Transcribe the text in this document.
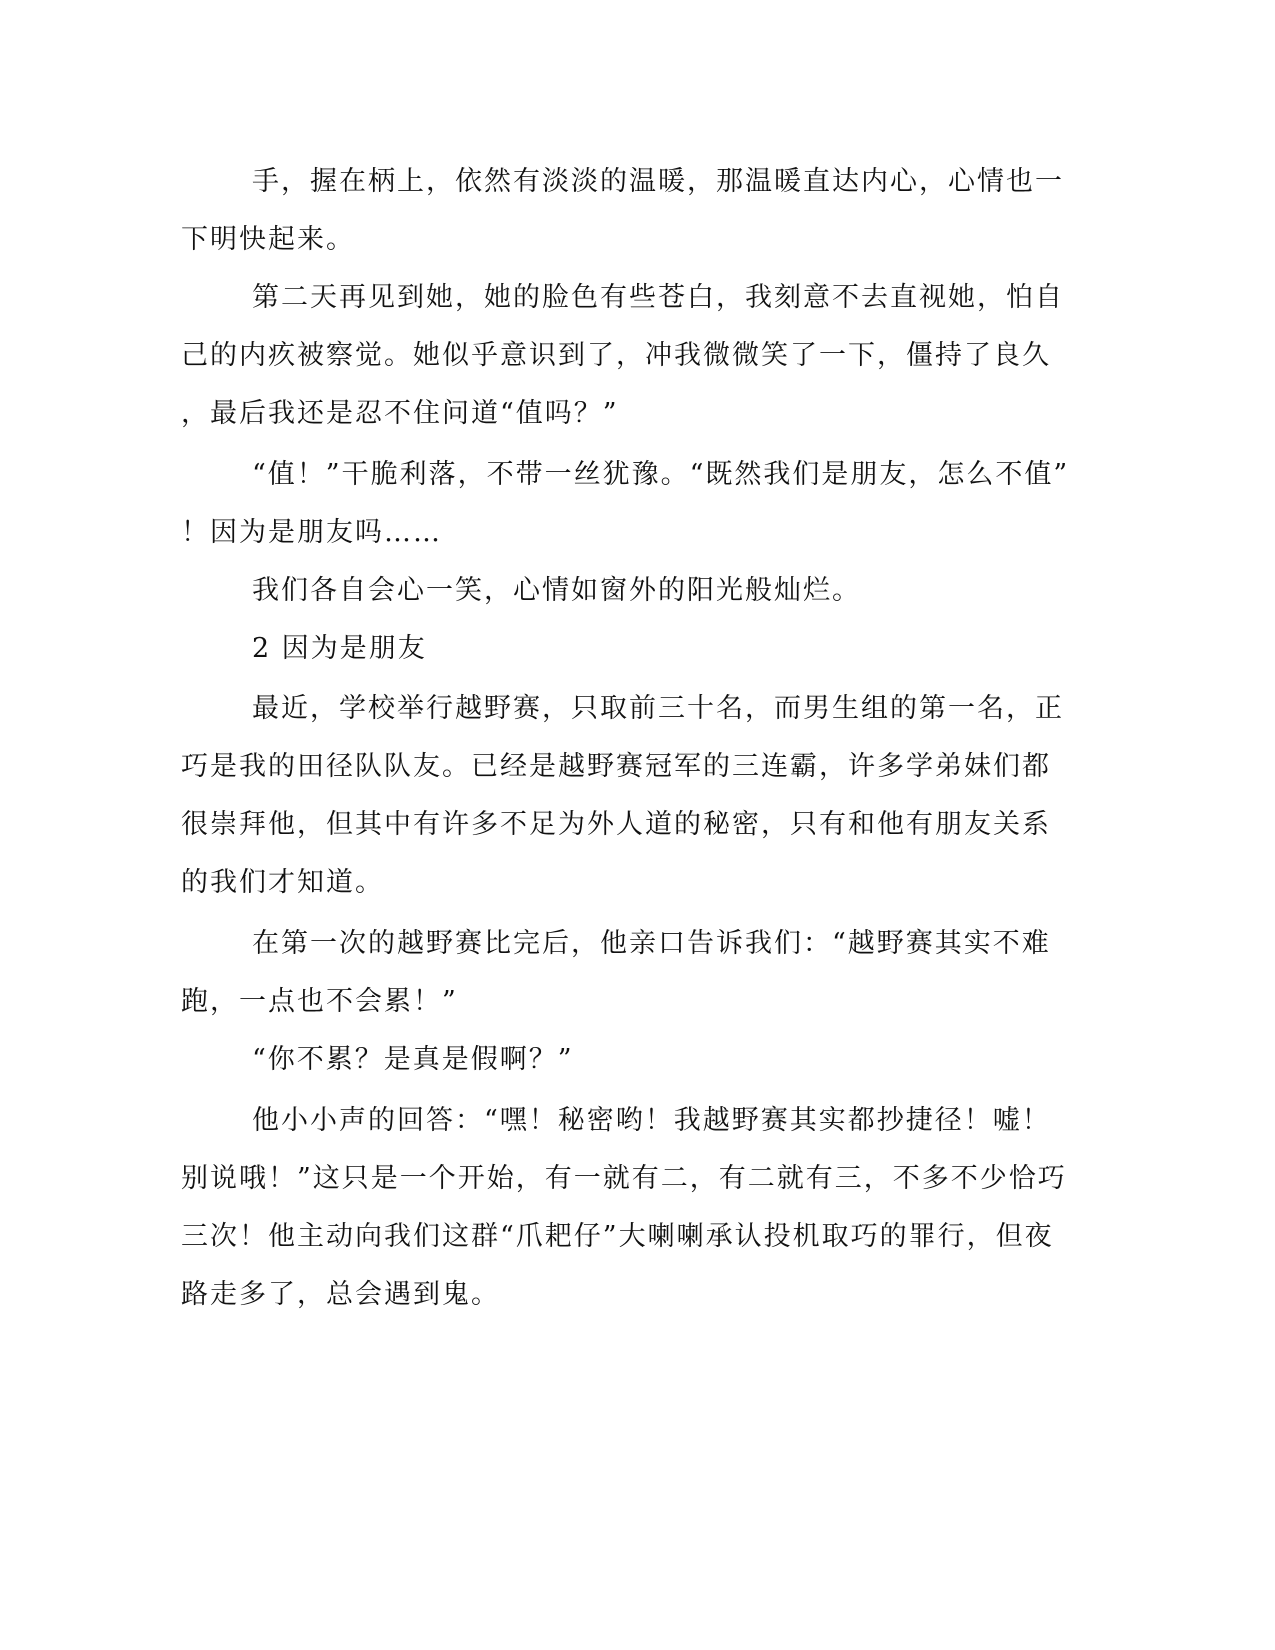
手，握在柄上，依然有淡淡的温暖，那温暖直达内心，心情也一
下明快起来。
第二天再见到她，她的脸色有些苍白，我刻意不去直视她，怕自
己的内疚被察觉。她似乎意识到了，冲我微微笑了一下，僵持了良久
，最后我还是忍不住问道“值吗？”
“值！”干脆利落，不带一丝犹豫。“既然我们是朋友，怎么不值”
！因为是朋友吗……
我们各自会心一笑，心情如窗外的阳光般灿烂。
2 因为是朋友
最近，学校举行越野赛，只取前三十名，而男生组的第一名，正
巧是我的田径队队友。已经是越野赛冠军的三连霸，许多学弟妹们都
很崇拜他，但其中有许多不足为外人道的秘密，只有和他有朋友关系
的我们才知道。
在第一次的越野赛比完后，他亲口告诉我们：“越野赛其实不难
跑，一点也不会累！”
“你不累？是真是假啊？”
他小小声的回答：“嘿！秘密哟！我越野赛其实都抄捷径！嘘！
别说哦！”这只是一个开始，有一就有二，有二就有三，不多不少恰巧
三次！他主动向我们这群“爪耙仔”大喇喇承认投机取巧的罪行，但夜
路走多了，总会遇到鬼。
